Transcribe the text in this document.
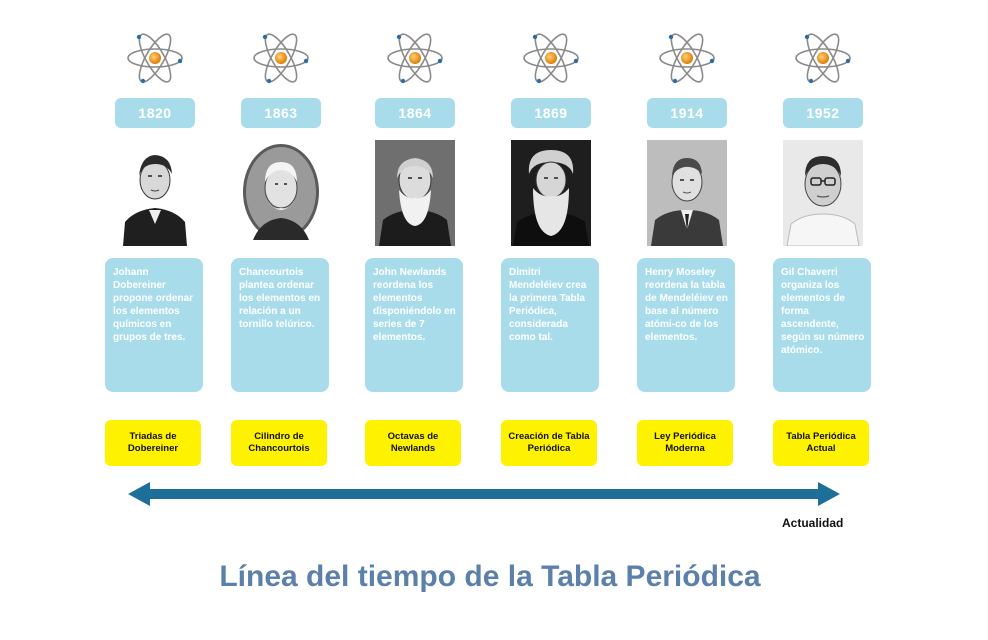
1820
Johann Dobereiner propone ordenar los elementos químicos en grupos de tres.
Triadas de Dobereiner
1863
Chancourtois plantea ordenar los elementos en relación a un tornillo telúrico.
Cilindro de Chancourtois
1864
John Newlands reordena los elementos disponiéndolo en series de 7 elementos.
Octavas de Newlands
1869
Dimitri Mendeléiev crea la primera Tabla Periódica, considerada como tal.
Creación de Tabla Periódica
1914
Henry Moseley reordena la tabla de Mendeléiev en base al número atómi-co de los elementos.
Ley Periódica Moderna
1952
Gil Chaverri organiza los elementos de forma ascendente, según su número atómico.
Tabla Periódica Actual
Actualidad
Línea del tiempo de la Tabla Periódica
